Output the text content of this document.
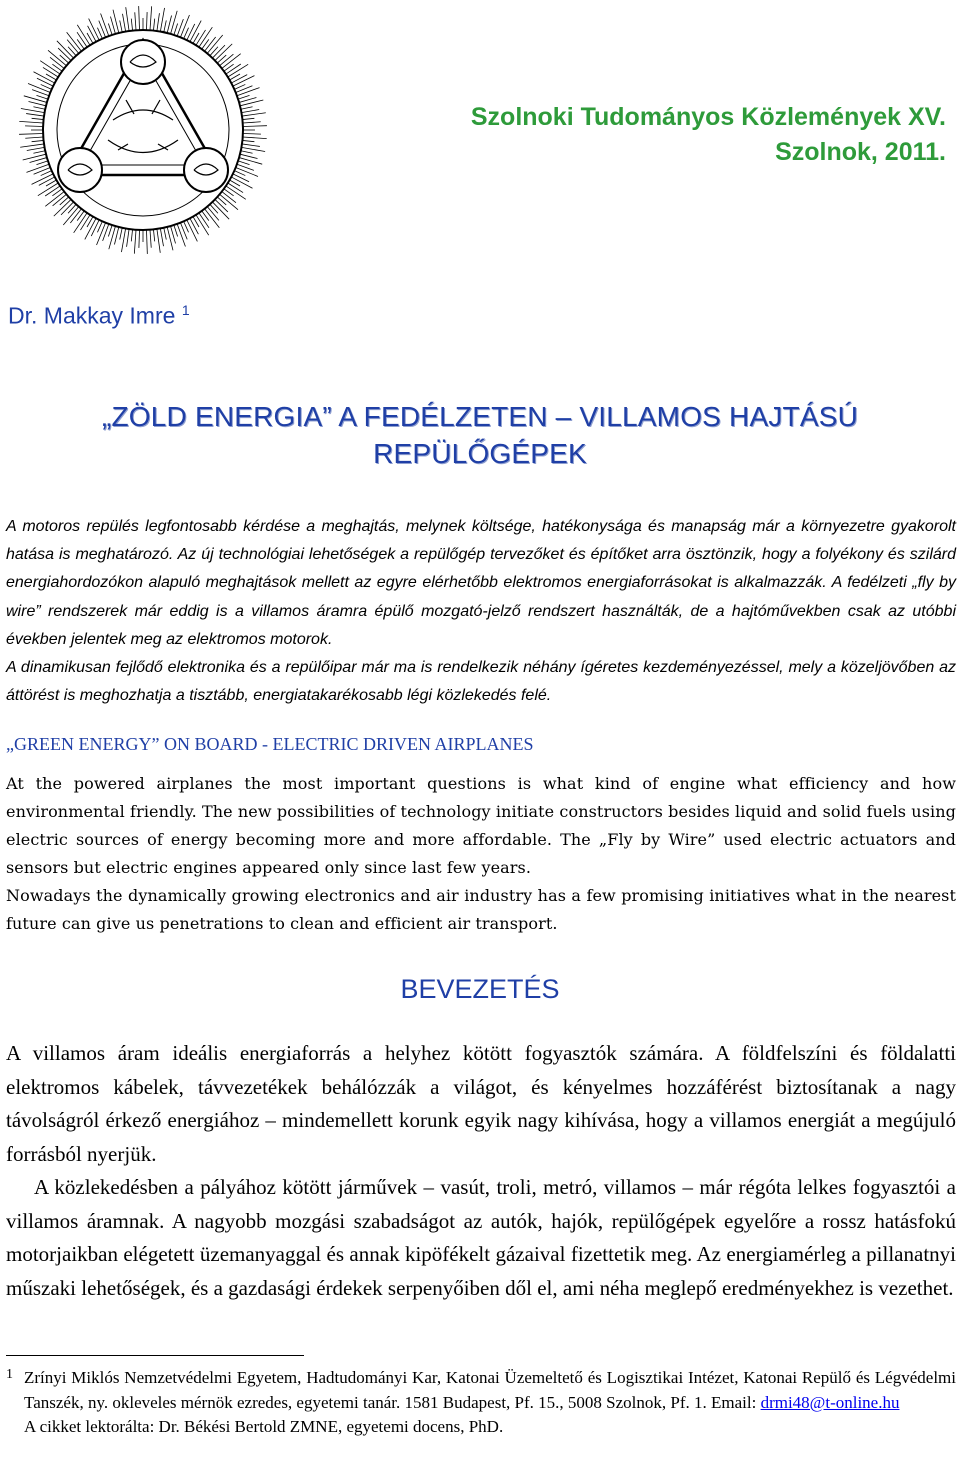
Szolnoki Tudományos Közlemények XV.
Szolnok, 2011.
Dr. Makkay Imre $^1$
„ZÖLD ENERGIA” A FEDÉLZETEN – VILLAMOS HAJTÁSÚ
REPÜLŐGÉPEK

A motoros repülés legfontosabb kérdése a meghajtás, melynek költsége, hatékonysága és manapság már a környezetre gyakorolt hatása is meghatározó. Az új technológiai lehetőségek a repülőgép tervezőket és építőket arra ösztönzik, hogy a folyékony és szilárd energiahordozókon alapuló meghajtások mellett az egyre elérhetőbb elektromos energiaforrásokat is alkalmazzák. A fedélzeti „fly by wire” rendszerek már eddig is a villamos áramra épülő mozgató-jelző rendszert használták, de a hajtóművekben csak az utóbbi években jelentek meg az elektromos motorok.

A dinamikusan fejlődő elektronika és a repülőipar már ma is rendelkezik néhány ígéretes kezdeményezéssel, mely a közeljövőben az áttörést is meghozhatja a tisztább, energiatakarékosabb légi közlekedés felé.

„GREEN ENERGY” ON BOARD - ELECTRIC DRIVEN AIRPLANES

At the powered airplanes the most important questions is what kind of engine what efficiency and how environmental friendly. The new possibilities of technology initiate constructors besides liquid and solid fuels using electric sources of energy becoming more and more affordable. The „Fly by Wire” used electric actuators and sensors but electric engines appeared only since last few years.

Nowadays the dynamically growing electronics and air industry has a few promising initiatives what in the nearest future can give us penetrations to clean and efficient air transport.

BEVEZETÉS

A villamos áram ideális energiaforrás a helyhez kötött fogyasztók számára. A földfelszíni és földalatti elektromos kábelek, távvezetékek behálózzák a világot, és kényelmes hozzáférést biztosítanak a nagy távolságról érkező energiához – mindemellett korunk egyik nagy kihívása, hogy a villamos energiát a megújuló forrásból nyerjük.

A közlekedésben a pályához kötött járművek – vasút, troli, metró, villamos – már régóta lelkes fogyasztói a villamos áramnak. A nagyobb mozgási szabadságot az autók, hajók, repülőgépek egyelőre a rossz hatásfokú motorjaikban elégetett üzemanyaggal és annak kipöfékelt gázaival fizettetik meg. Az energiamérleg a pillanatnyi műszaki lehetőségek, és a gazdasági érdekek serpenyőiben dől el, ami néha meglepő eredményekhez is vezethet.

1 Zrínyi Miklós Nemzetvédelmi Egyetem, Hadtudományi Kar, Katonai Üzemeltető és Logisztikai Intézet, Katonai Repülő és Légvédelmi Tanszék, ny. okleveles mérnök ezredes, egyetemi tanár. 1581 Budapest, Pf. 15., 5008 Szolnok, Pf. 1. Email: drmi48@t-online.hu

A cikket lektorálta: Dr. Békési Bertold ZMNE, egyetemi docens, PhD.
